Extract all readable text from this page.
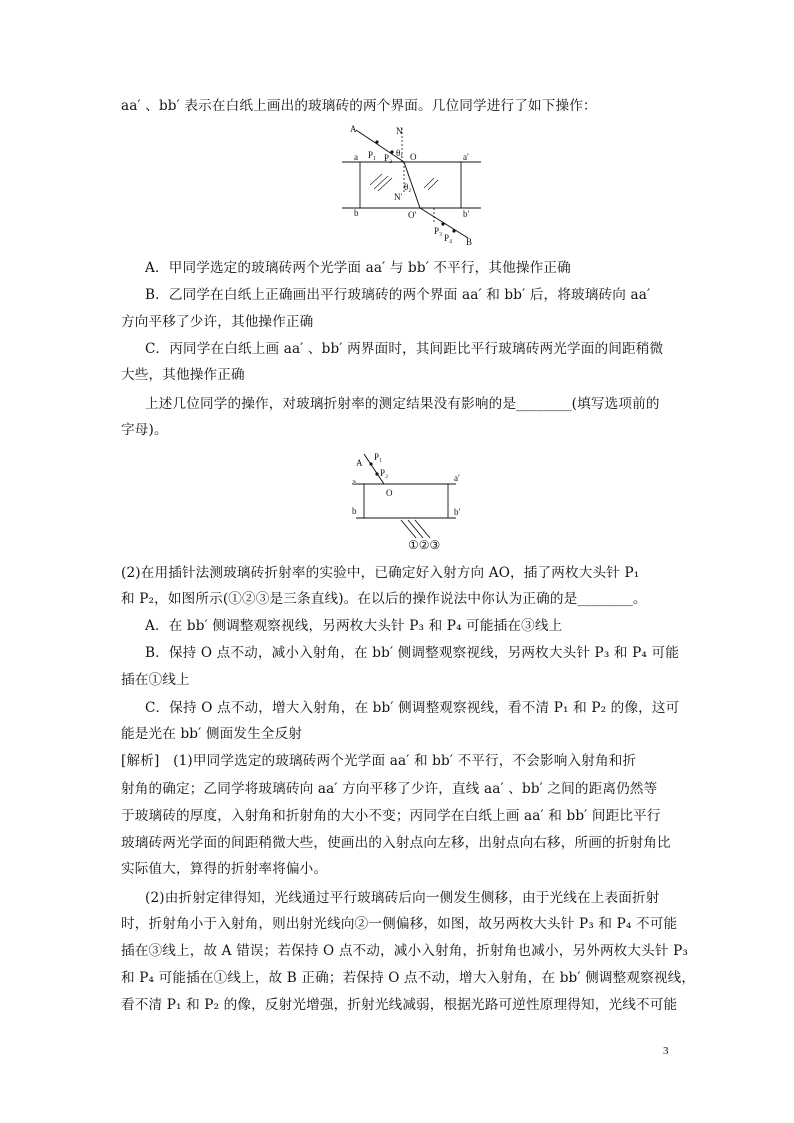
aa′ 、bb′ 表示在白纸上画出的玻璃砖的两个界面。几位同学进行了如下操作：
A	N
P₁ P₂ θ₁ O
a	a′
θ₂
N′
b	O′	b′
P₃
P₄ B
A．甲同学选定的玻璃砖两个光学面 aa′ 与 bb′ 不平行，其他操作正确
B．乙同学在白纸上正确画出平行玻璃砖的两个界面 aa′ 和 bb′ 后，将玻璃砖向 aa′
方向平移了少许，其他操作正确
C．丙同学在白纸上画 aa′ 、bb′ 两界面时，其间距比平行玻璃砖两光学面的间距稍微
大些，其他操作正确
上述几位同学的操作，对玻璃折射率的测定结果没有影响的是________(填写选项前的
字母)。
A
P₁
P₂
a
O
a′
b	b′
①②③
(2)在用插针法测玻璃砖折射率的实验中，已确定好入射方向 AO，插了两枚大头针 P₁
和 P₂，如图所示(①②③是三条直线)。在以后的操作说法中你认为正确的是________。
A．在 bb′ 侧调整观察视线，另两枚大头针 P₃ 和 P₄ 可能插在③线上
B．保持 O 点不动，减小入射角，在 bb′ 侧调整观察视线，另两枚大头针 P₃ 和 P₄ 可能
插在①线上
C．保持 O 点不动，增大入射角，在 bb′ 侧调整观察视线，看不清 P₁ 和 P₂ 的像，这可
能是光在 bb′ 侧面发生全反射
[解析]　(1)甲同学选定的玻璃砖两个光学面 aa′ 和 bb′ 不平行，不会影响入射角和折
射角的确定；乙同学将玻璃砖向 aa′ 方向平移了少许，直线 aa′ 、bb′ 之间的距离仍然等
于玻璃砖的厚度，入射角和折射角的大小不变；丙同学在白纸上画 aa′ 和 bb′ 间距比平行
玻璃砖两光学面的间距稍微大些，使画出的入射点向左移，出射点向右移，所画的折射角比
实际值大，算得的折射率将偏小。
(2)由折射定律得知，光线通过平行玻璃砖后向一侧发生侧移，由于光线在上表面折射
时，折射角小于入射角，则出射光线向②一侧偏移，如图，故另两枚大头针 P₃ 和 P₄ 不可能
插在③线上，故 A 错误；若保持 O 点不动，减小入射角，折射角也减小，另外两枚大头针 P₃
和 P₄ 可能插在①线上，故 B 正确；若保持 O 点不动，增大入射角，在 bb′ 侧调整观察视线，
看不清 P₁ 和 P₂ 的像，反射光增强，折射光线减弱，根据光路可逆性原理得知，光线不可能
3
